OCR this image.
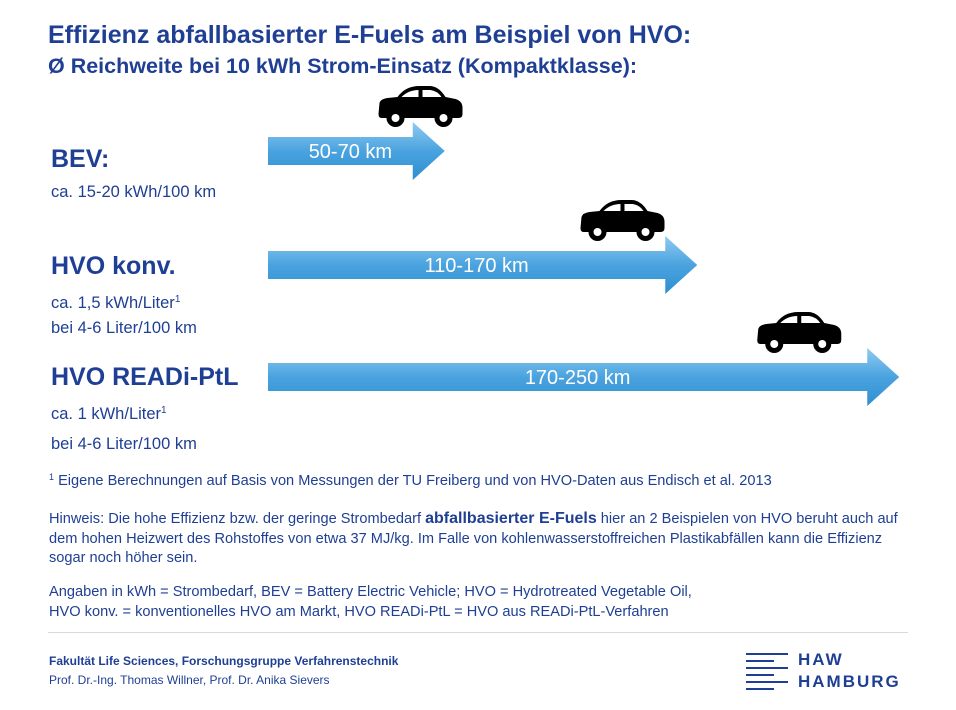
Effizienz abfallbasierter E-Fuels am Beispiel von HVO:
Ø Reichweite bei 10 kWh Strom-Einsatz (Kompaktklasse):
BEV:
ca. 15-20 kWh/100 km
HVO konv.
ca. 1,5 kWh/Liter$^1$
bei 4-6 Liter/100 km
HVO READi-PtL
ca. 1 kWh/Liter$^1$
bei 4-6 Liter/100 km
50-70 km
110-170 km
170-250 km
$^1$ Eigene Berechnungen auf Basis von Messungen der TU Freiberg und von HVO-Daten aus Endisch et al. 2013
Hinweis: Die hohe Effizienz bzw. der geringe Strombedarf abfallbasierter E-Fuels hier an 2 Beispielen von HVO beruht auch auf dem hohen Heizwert des Rohstoffes von etwa 37 MJ/kg. Im Falle von kohlenwasserstoffreichen Plastikabfällen kann die Effizienz sogar noch höher sein.
Angaben in kWh = Strombedarf, BEV = Battery Electric Vehicle; HVO = Hydrotreated Vegetable Oil,
HVO konv. = konventionelles HVO am Markt, HVO READi-PtL = HVO aus READi-PtL-Verfahren
Fakultät Life Sciences, Forschungsgruppe Verfahrenstechnik
Prof. Dr.-Ing. Thomas Willner, Prof. Dr. Anika Sievers
HAW
HAMBURG
